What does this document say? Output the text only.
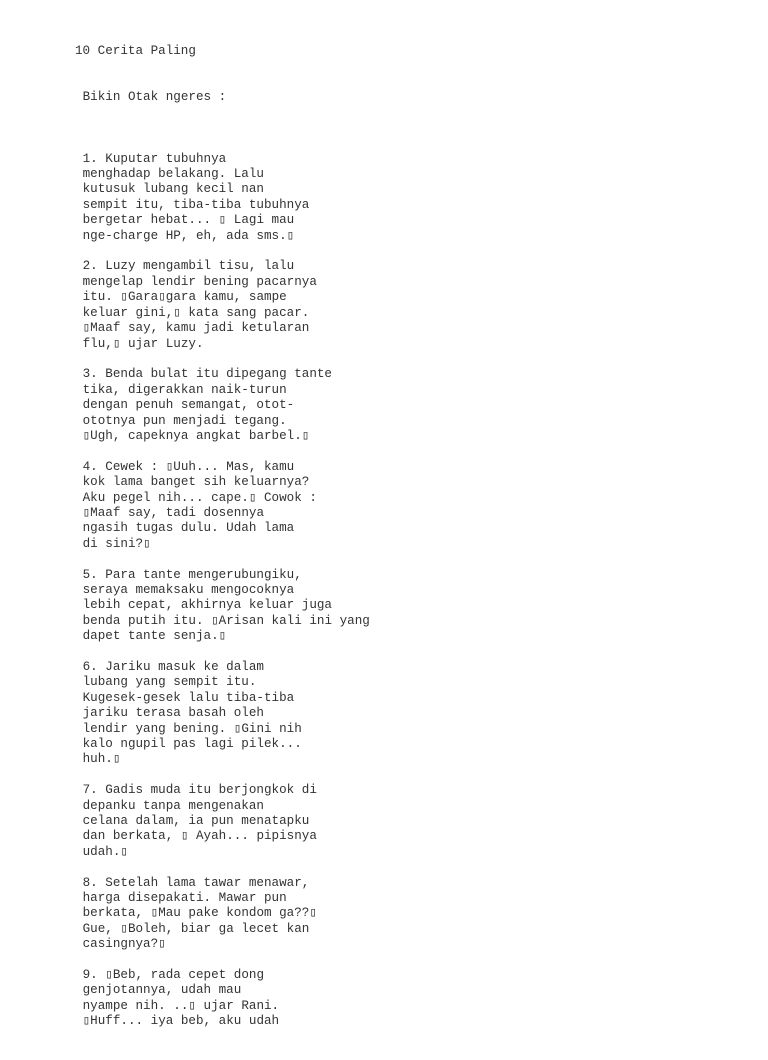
10 Cerita Paling

Bikin Otak ngeres :

1. Kuputar tubuhnya
menghadap belakang. Lalu
kutusuk lubang kecil nan
sempit itu, tiba-tiba tubuhnya
bergetar hebat... ▯ Lagi mau
nge-charge HP, eh, ada sms.▯
2. Luzy mengambil tisu, lalu
mengelap lendir bening pacarnya
itu. ▯Gara▯gara kamu, sampe
keluar gini,▯ kata sang pacar.
▯Maaf say, kamu jadi ketularan
flu,▯ ujar Luzy.
3. Benda bulat itu dipegang tante
tika, digerakkan naik-turun
dengan penuh semangat, otot-
ototnya pun menjadi tegang.
▯Ugh, capeknya angkat barbel.▯
4. Cewek : ▯Uuh... Mas, kamu
kok lama banget sih keluarnya?
Aku pegel nih... cape.▯ Cowok :
▯Maaf say, tadi dosennya
ngasih tugas dulu. Udah lama
di sini?▯
5. Para tante mengerubungiku,
seraya memaksaku mengocoknya
lebih cepat, akhirnya keluar juga
benda putih itu. ▯Arisan kali ini yang
dapet tante senja.▯
6. Jariku masuk ke dalam
lubang yang sempit itu.
Kugesek-gesek lalu tiba-tiba
jariku terasa basah oleh
lendir yang bening. ▯Gini nih
kalo ngupil pas lagi pilek...
huh.▯
7. Gadis muda itu berjongkok di
depanku tanpa mengenakan
celana dalam, ia pun menatapku
dan berkata, ▯ Ayah... pipisnya
udah.▯
8. Setelah lama tawar menawar,
harga disepakati. Mawar pun
berkata, ▯Mau pake kondom ga??▯
Gue, ▯Boleh, biar ga lecet kan
casingnya?▯
9. ▯Beb, rada cepet dong
genjotannya, udah mau
nyampe nih. ..▯ ujar Rani.
▯Huff... iya beb, aku udah
